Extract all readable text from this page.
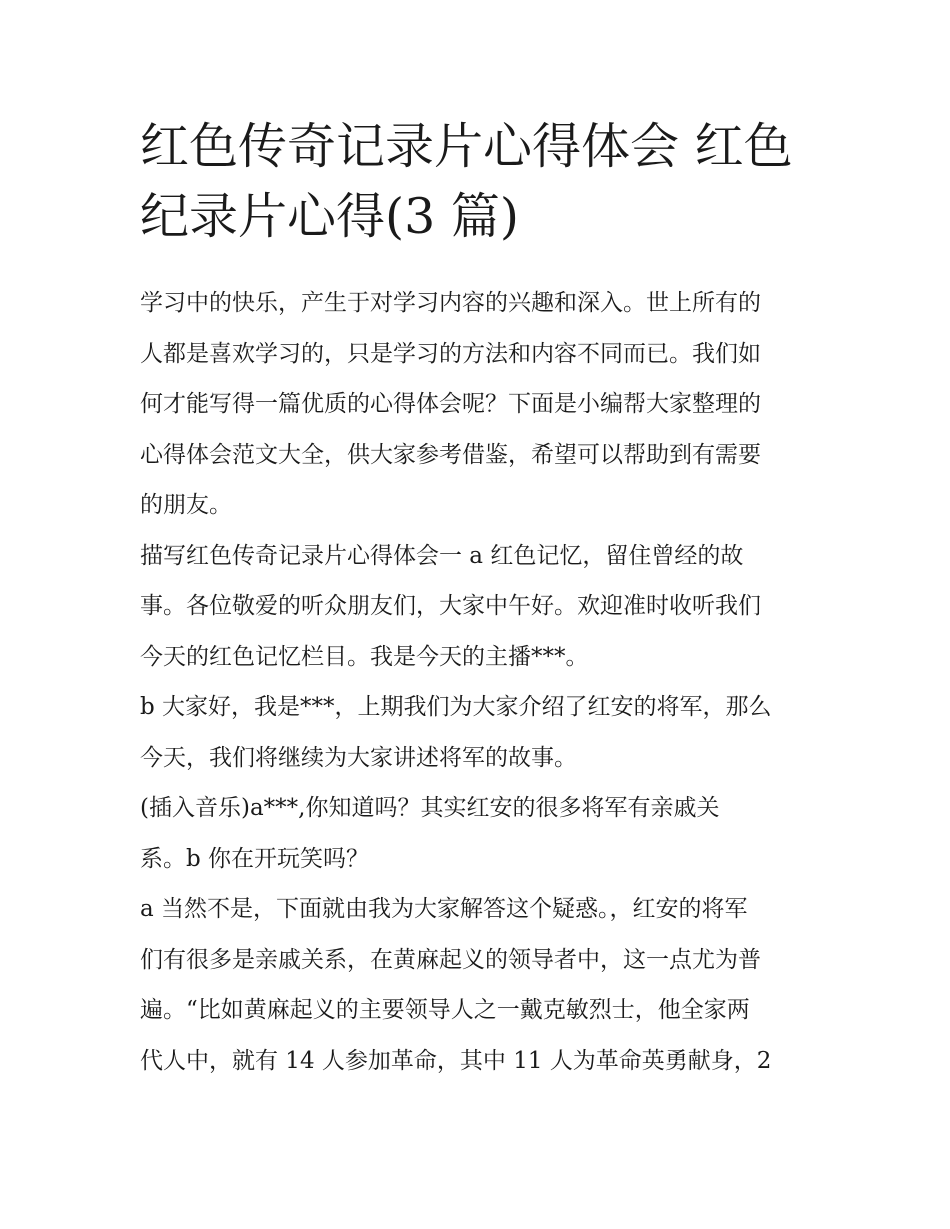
红色传奇记录片心得体会 红色
纪录片心得(3 篇)

学习中的快乐，产生于对学习内容的兴趣和深入。世上所有的
人都是喜欢学习的，只是学习的方法和内容不同而已。我们如
何才能写得一篇优质的心得体会呢？下面是小编帮大家整理的
心得体会范文大全，供大家参考借鉴，希望可以帮助到有需要
的朋友。

描写红色传奇记录片心得体会一 a 红色记忆，留住曾经的故
事。各位敬爱的听众朋友们，大家中午好。欢迎准时收听我们
今天的红色记忆栏目。我是今天的主播***。

b 大家好，我是***，上期我们为大家介绍了红安的将军，那么
今天，我们将继续为大家讲述将军的故事。

(插入音乐)a***,你知道吗？其实红安的很多将军有亲戚关
系。b 你在开玩笑吗？

a 当然不是，下面就由我为大家解答这个疑惑。，红安的将军
们有很多是亲戚关系，在黄麻起义的领导者中，这一点尤为普
遍。“比如黄麻起义的主要领导人之一戴克敏烈士，他全家两
代人中，就有 14 人参加革命，其中 11 人为革命英勇献身，2
